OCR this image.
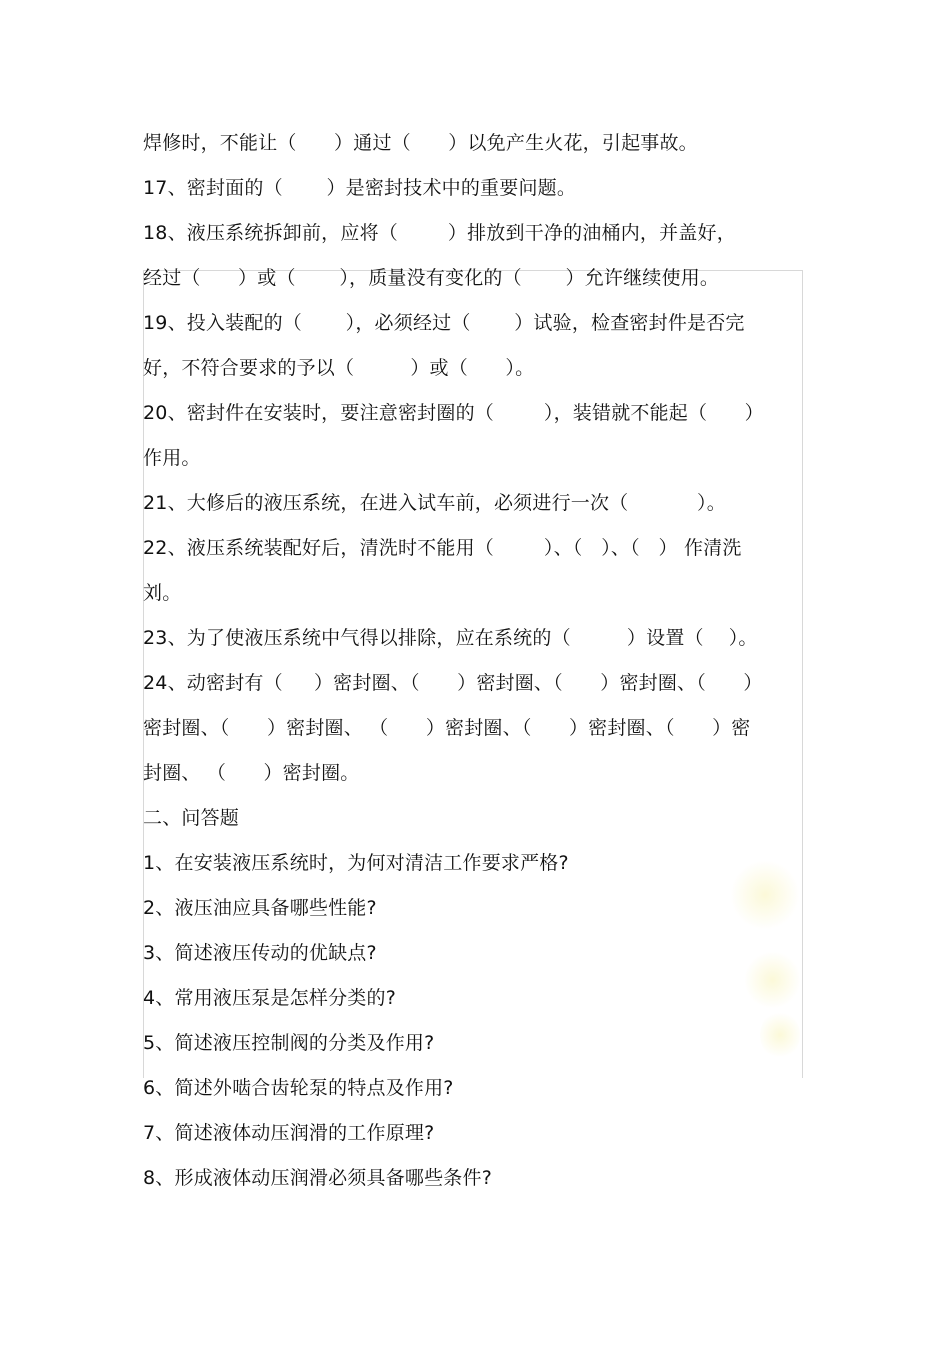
焊修时，不能让（      ）通过（      ）以免产生火花，引起事故。
17、密封面的（       ）是密封技术中的重要问题。
18、液压系统拆卸前，应将（        ）排放到干净的油桶内，并盖好，
经过（      ）或（       ），质量没有变化的（       ）允许继续使用。
19、投入装配的（       ），必须经过（       ）试验，检查密封件是否完
好，不符合要求的予以（         ）或（      ）。
20、密封件在安装时，要注意密封圈的（        ），装错就不能起（      ）
作用。
21、大修后的液压系统，在进入试车前，必须进行一次（           ）。
22、液压系统装配好后，清洗时不能用（        ）、（   ）、（   ） 作清洗
刘。
23、为了使液压系统中气得以排除，应在系统的（         ）设置（    ）。
24、动密封有（     ）密封圈、（      ）密封圈、（      ）密封圈、（      ）
密封圈、（      ）密封圈、 （      ）密封圈、（      ）密封圈、（      ）密
封圈、 （      ）密封圈。
二、问答题
1、在安装液压系统时，为何对清洁工作要求严格?
2、液压油应具备哪些性能?
3、简述液压传动的优缺点?
4、常用液压泵是怎样分类的?
5、简述液压控制阀的分类及作用?
6、简述外啮合齿轮泵的特点及作用?
7、简述液体动压润滑的工作原理?
8、形成液体动压润滑必须具备哪些条件?
